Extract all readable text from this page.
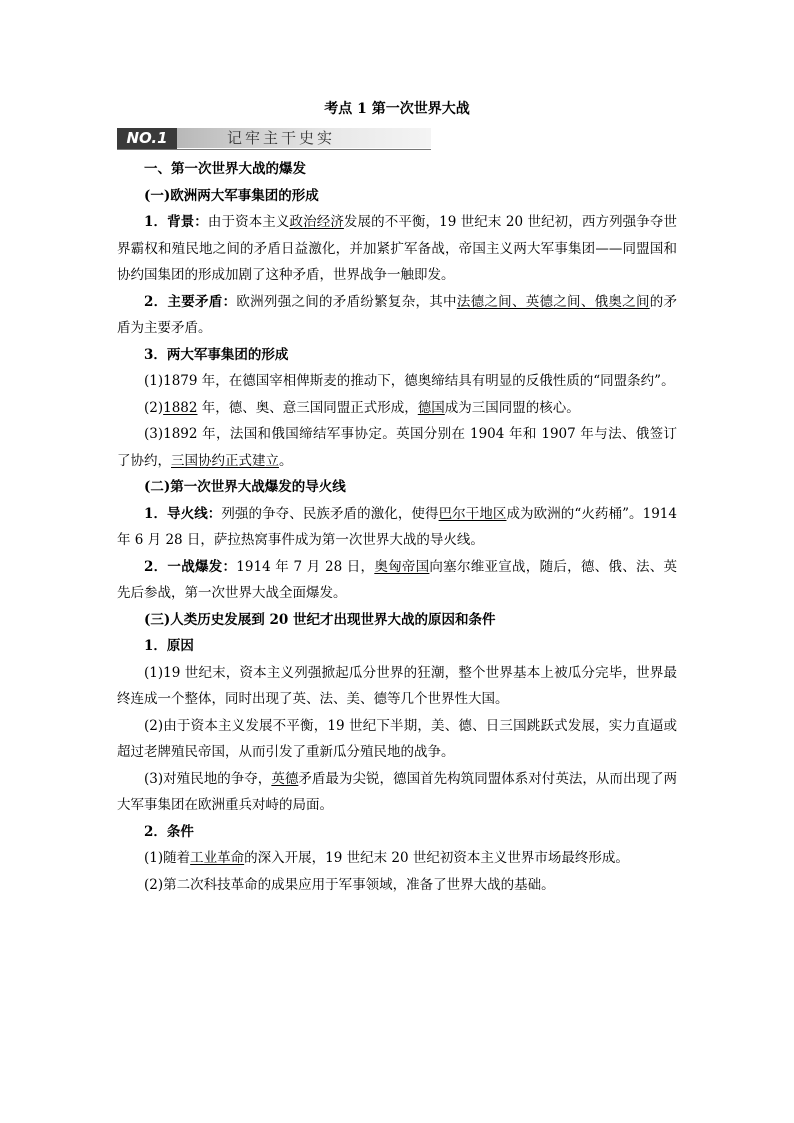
考点 1 第一次世界大战
NO.1	记牢主干史实

一、第一次世界大战的爆发

(一)欧洲两大军事集团的形成

1．背景：由于资本主义政治经济发展的不平衡，19 世纪末 20 世纪初，西方列强争夺世界霸权和殖民地之间的矛盾日益激化，并加紧扩军备战，帝国主义两大军事集团——同盟国和协约国集团的形成加剧了这种矛盾，世界战争一触即发。

2．主要矛盾：欧洲列强之间的矛盾纷繁复杂，其中法德之间、英德之间、俄奥之间的矛盾为主要矛盾。

3．两大军事集团的形成

(1)1879 年，在德国宰相俾斯麦的推动下，德奥缔结具有明显的反俄性质的“同盟条约”。

(2)1882 年，德、奥、意三国同盟正式形成，德国成为三国同盟的核心。

(3)1892 年，法国和俄国缔结军事协定。英国分别在 1904 年和 1907 年与法、俄签订了协约，三国协约正式建立。

(二)第一次世界大战爆发的导火线

1．导火线：列强的争夺、民族矛盾的激化，使得巴尔干地区成为欧洲的“火药桶”。1914 年 6 月 28 日，萨拉热窝事件成为第一次世界大战的导火线。

2．一战爆发：1914 年 7 月 28 日，奥匈帝国向塞尔维亚宣战，随后，德、俄、法、英先后参战，第一次世界大战全面爆发。

(三)人类历史发展到 20 世纪才出现世界大战的原因和条件

1．原因

(1)19 世纪末，资本主义列强掀起瓜分世界的狂潮，整个世界基本上被瓜分完毕，世界最终连成一个整体，同时出现了英、法、美、德等几个世界性大国。

(2)由于资本主义发展不平衡，19 世纪下半期，美、德、日三国跳跃式发展，实力直逼或超过老牌殖民帝国，从而引发了重新瓜分殖民地的战争。

(3)对殖民地的争夺，英德矛盾最为尖锐，德国首先构筑同盟体系对付英法，从而出现了两大军事集团在欧洲重兵对峙的局面。

2．条件

(1)随着工业革命的深入开展，19 世纪末 20 世纪初资本主义世界市场最终形成。

(2)第二次科技革命的成果应用于军事领域，准备了世界大战的基础。
